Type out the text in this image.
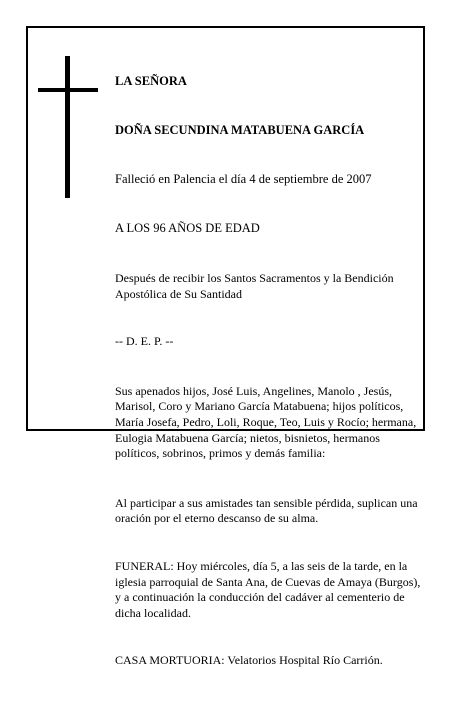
LA SEÑORA

DOÑA SECUNDINA MATABUENA GARCÍA

Falleció en Palencia el día 4 de septiembre de 2007

A LOS 96 AÑOS DE EDAD

Después de recibir los Santos Sacramentos y la Bendición Apostólica de Su Santidad

-- D. E. P. --

Sus apenados hijos, José Luis, Angelines, Manolo , Jesús, Marisol, Coro y Mariano García Matabuena; hijos políticos, María Josefa, Pedro, Loli, Roque, Teo, Luis y Rocío; hermana, Eulogia Matabuena García; nietos, bisnietos, hermanos políticos, sobrinos, primos y demás familia:

Al participar a sus amistades tan sensible pérdida, suplican una oración por el eterno descanso de su alma.

FUNERAL: Hoy miércoles, día 5, a las seis de la tarde, en la iglesia parroquial de Santa Ana, de Cuevas de Amaya (Burgos), y a continuación la conducción del cadáver al cementerio de dicha localidad.

CASA MORTUORIA: Velatorios Hospital Río Carrión.
